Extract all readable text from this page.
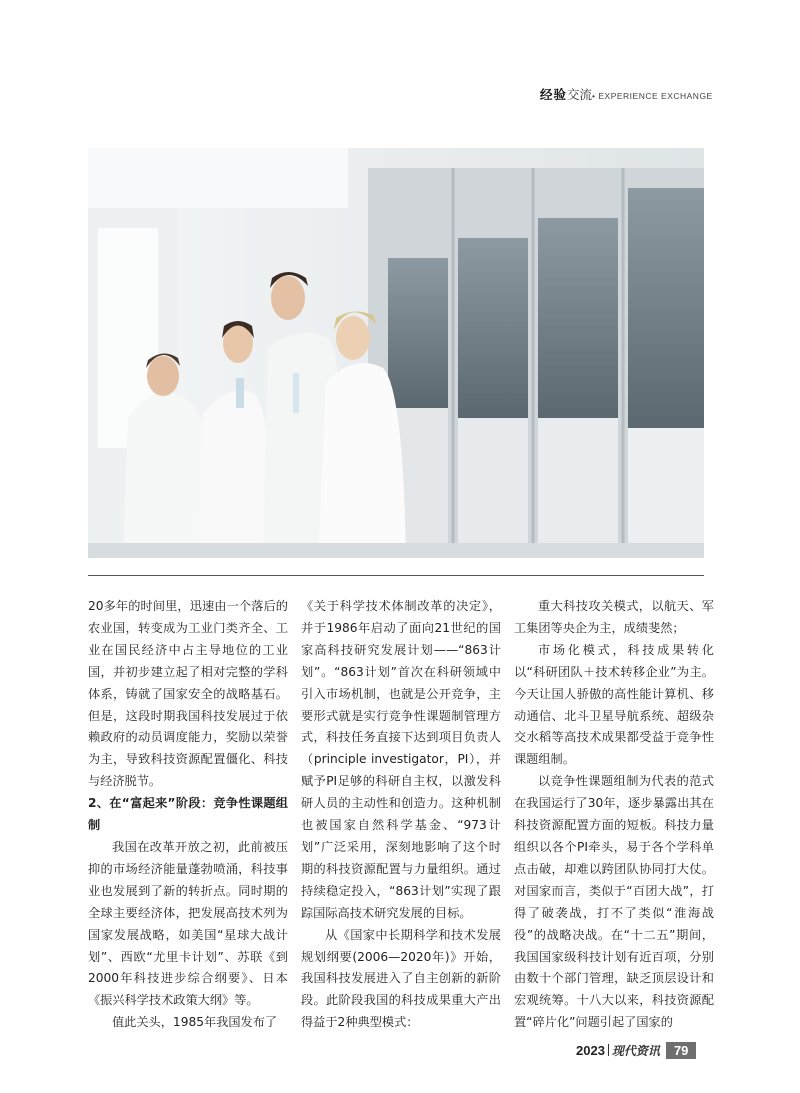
经验交流• EXPERIENCE EXCHANGE

20多年的时间里，迅速由一个落后的农业国，转变成为工业门类齐全、工业在国民经济中占主导地位的工业国，并初步建立起了相对完整的学科体系，铸就了国家安全的战略基石。但是，这段时期我国科技发展过于依赖政府的动员调度能力，奖励以荣誉为主，导致科技资源配置僵化、科技与经济脱节。

2、在“富起来”阶段：竞争性课题组制

我国在改革开放之初，此前被压抑的市场经济能量蓬勃喷涌，科技事业也发展到了新的转折点。同时期的全球主要经济体，把发展高技术列为国家发展战略，如美国“星球大战计划”、西欧“尤里卡计划”、苏联《到2000年科技进步综合纲要》、日本《振兴科学技术政策大纲》等。

值此关头，1985年我国发布了

《关于科学技术体制改革的决定》，并于1986年启动了面向21世纪的国家高科技研究发展计划——“863计划”。“863计划”首次在科研领域中引入市场机制，也就是公开竞争，主要形式就是实行竞争性课题制管理方式，科技任务直接下达到项目负责人（principle investigator，PI），并赋予PI足够的科研自主权，以激发科研人员的主动性和创造力。这种机制也被国家自然科学基金、“973计划”广泛采用，深刻地影响了这个时期的科技资源配置与力量组织。通过持续稳定投入，“863计划”实现了跟踪国际高技术研究发展的目标。

从《国家中长期科学和技术发展规划纲要(2006—2020年)》开始，我国科技发展进入了自主创新的新阶段。此阶段我国的科技成果重大产出得益于2种典型模式：

重大科技攻关模式，以航天、军工集团等央企为主，成绩斐然；

市场化模式，科技成果转化以“科研团队＋技术转移企业”为主。今天让国人骄傲的高性能计算机、移动通信、北斗卫星导航系统、超级杂交水稻等高技术成果都受益于竞争性课题组制。

以竞争性课题组制为代表的范式在我国运行了30年，逐步暴露出其在科技资源配置方面的短板。科技力量组织以各个PI牵头，易于各个学科单点击破，却难以跨团队协同打大仗。对国家而言，类似于“百团大战”，打得了破袭战，打不了类似“淮海战役”的战略决战。在“十二五”期间，我国国家级科技计划有近百项，分别由数十个部门管理，缺乏顶层设计和宏观统筹。十八大以来，科技资源配置“碎片化”问题引起了国家的

2023 现代资讯 79
